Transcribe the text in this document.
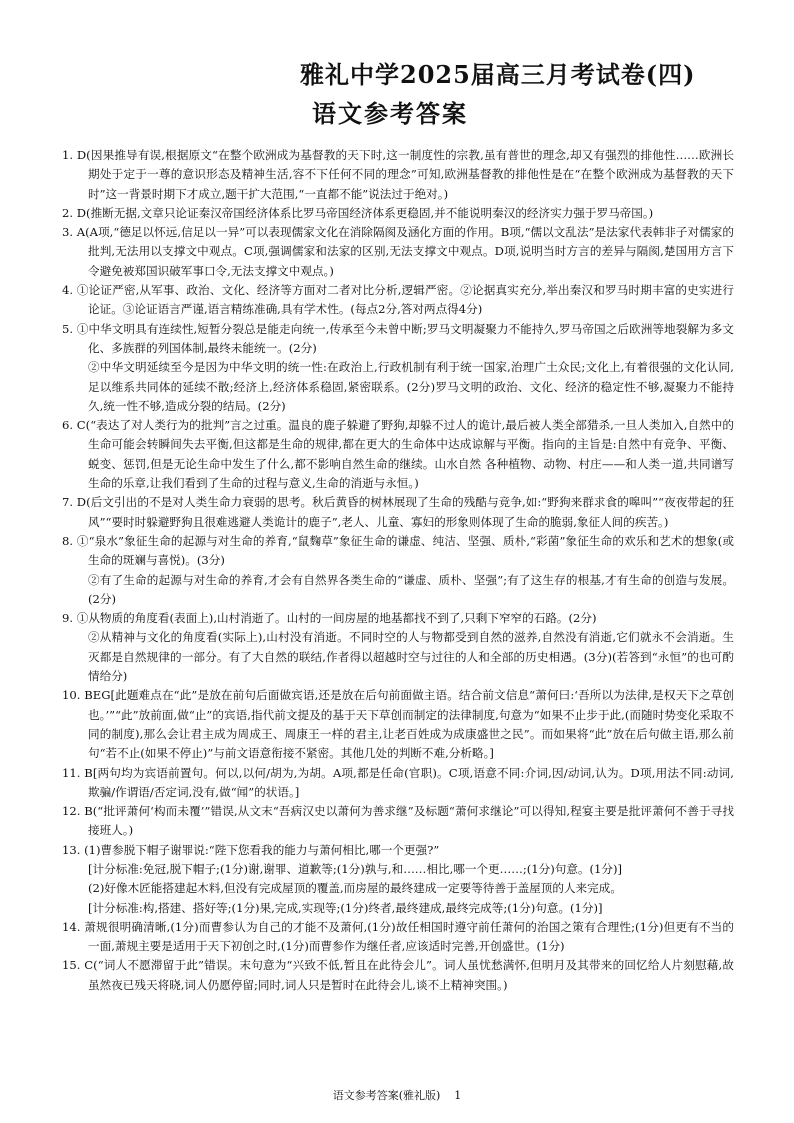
雅礼中学2025届高三月考试卷(四)
语文参考答案

1. D(因果推导有误,根据原文“在整个欧洲成为基督教的天下时,这一制度性的宗教,虽有普世的理念,却又有强烈的排他性……欧洲长期处于定于一尊的意识形态及精神生活,容不下任何不同的理念”可知,欧洲基督教的排他性是在“在整个欧洲成为基督教的天下时”这一背景时期下才成立,题干扩大范围,“一直都不能”说法过于绝对。)

2. D(推断无据,文章只论证秦汉帝国经济体系比罗马帝国经济体系更稳固,并不能说明秦汉的经济实力强于罗马帝国。)

3. A(A项,“德足以怀远,信足以一异”可以表现儒家文化在消除隔阂及涵化方面的作用。B项,“儒以文乱法”是法家代表韩非子对儒家的批判,无法用以支撑文中观点。C项,强调儒家和法家的区别,无法支撑文中观点。D项,说明当时方言的差异与隔阂,楚国用方言下令避免被郑国识破军事口令,无法支撑文中观点。)

4. ①论证严密,从军事、政治、文化、经济等方面对二者对比分析,逻辑严密。②论据真实充分,举出秦汉和罗马时期丰富的史实进行论证。③论证语言严谨,语言精练准确,具有学术性。(每点2分,答对两点得4分)

5. ①中华文明具有连续性,短暂分裂总是能走向统一,传承至今未曾中断;罗马文明凝聚力不能持久,罗马帝国之后欧洲等地裂解为多文化、多族群的列国体制,最终未能统一。(2分)

②中华文明延续至今是因为中华文明的统一性:在政治上,行政机制有利于统一国家,治理广土众民;文化上,有着很强的文化认同,足以维系共同体的延续不散;经济上,经济体系稳固,紧密联系。(2分)罗马文明的政治、文化、经济的稳定性不够,凝聚力不能持久,统一性不够,造成分裂的结局。(2分)

6. C(“表达了对人类行为的批判”言之过重。温良的鹿子躲避了野狗,却躲不过人的诡计,最后被人类全部猎杀,一旦人类加入,自然中的生命可能会转瞬间失去平衡,但这都是生命的规律,都在更大的生命体中达成谅解与平衡。指向的主旨是:自然中有竞争、平衡、蜕变、惩罚,但是无论生命中发生了什么,都不影响自然生命的继续。山水自然 各种植物、动物、村庄——和人类一道,共同谱写生命的乐章,让我们看到了生命的过程与意义,生命的消逝与永恒。)

7. D(后文引出的不是对人类生命力衰弱的思考。秋后黄昏的树林展现了生命的残酷与竞争,如:“野狗来群求食的嗥叫”“夜夜带起的狂风”“要时时躲避野狗且很难逃避人类诡计的鹿子”,老人、儿童、寡妇的形象则体现了生命的脆弱,象征人间的疾苦。)

8. ①“泉水”象征生命的起源与对生命的养育,“鼠麴草”象征生命的谦虚、纯洁、坚强、质朴,“彩菌”象征生命的欢乐和艺术的想象(或生命的斑斓与喜悦)。(3分)

②有了生命的起源与对生命的养育,才会有自然界各类生命的“谦虚、质朴、坚强”;有了这生存的根基,才有生命的创造与发展。(2分)

9. ①从物质的角度看(表面上),山村消逝了。山村的一间房屋的地基都找不到了,只剩下窄窄的石路。(2分)

②从精神与文化的角度看(实际上),山村没有消逝。不同时空的人与物都受到自然的滋养,自然没有消逝,它们就永不会消逝。生灭都是自然规律的一部分。有了大自然的联结,作者得以超越时空与过往的人和全部的历史相遇。(3分)(若答到“永恒”的也可酌情给分)

10. BEG[此题难点在“此”是放在前句后面做宾语,还是放在后句前面做主语。结合前文信息“萧何曰:‘吾所以为法律,是权天下之草创也。’”“此”放前面,做“止”的宾语,指代前文提及的基于天下草创而制定的法律制度,句意为“如果不止步于此,(而随时势变化采取不同的制度),那么会让君主成为周成王、周康王一样的君主,让老百姓成为成康盛世之民”。而如果将“此”放在后句做主语,那么前句“若不止(如果不停止)”与前文语意衔接不紧密。其他几处的判断不难,分析略。]

11. B[两句均为宾语前置句。何以,以何/胡为,为胡。A项,都是任命(官职)。C项,语意不同:介词,因/动词,认为。D项,用法不同:动词,欺骗/作谓语/否定词,没有,做“闻”的状语。]

12. B(“批评萧何‘构而未覆’”错误,从文末“吾病汉史以萧何为善求继”及标题“萧何求继论”可以得知,程宴主要是批评萧何不善于寻找接班人。)

13. (1)曹参脱下帽子谢罪说:“陛下您看我的能力与萧何相比,哪一个更强?”

[计分标准:免冠,脱下帽子;(1分)谢,谢罪、道歉等;(1分)孰与,和……相比,哪一个更……;(1分)句意。(1分)]

(2)好像木匠能搭建起木料,但没有完成屋顶的覆盖,而房屋的最终建成一定要等待善于盖屋顶的人来完成。

[计分标准:构,搭建、搭好等;(1分)果,完成,实现等;(1分)终者,最终建成,最终完成等;(1分)句意。(1分)]

14. 萧规很明确清晰,(1分)而曹参认为自己的才能不及萧何,(1分)故任相国时遵守前任萧何的治国之策有合理性;(1分)但更有不当的一面,萧规主要是适用于天下初创之时,(1分)而曹参作为继任者,应该适时完善,开创盛世。(1分)

15. C(“词人不愿滞留于此”错误。末句意为“兴致不低,暂且在此待会儿”。词人虽忧愁满怀,但明月及其带来的回忆给人片刻慰藉,故虽然夜已残天将晓,词人仍愿停留;同时,词人只是暂时在此待会儿,谈不上精神突围。)

语文参考答案(雅礼版) 1
